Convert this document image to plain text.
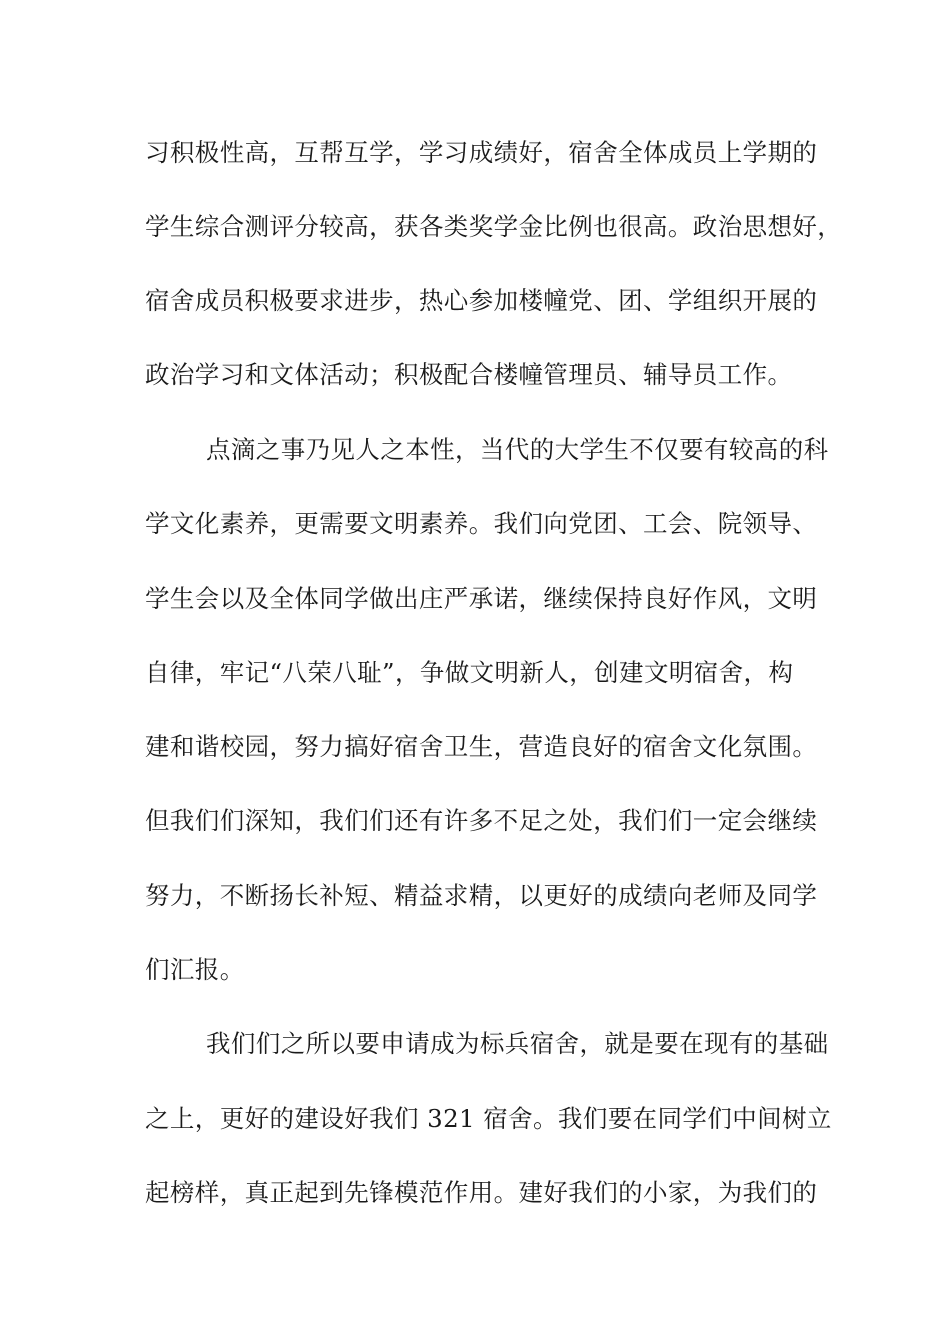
习积极性高，互帮互学，学习成绩好，宿舍全体成员上学期的
学生综合测评分较高，获各类奖学金比例也很高。政治思想好，
宿舍成员积极要求进步，热心参加楼幢党、团、学组织开展的
政治学习和文体活动；积极配合楼幢管理员、辅导员工作。
点滴之事乃见人之本性，当代的大学生不仅要有较高的科
学文化素养，更需要文明素养。我们向党团、工会、院领导、
学生会以及全体同学做出庄严承诺，继续保持良好作风，文明
自律，牢记“八荣八耻”，争做文明新人，创建文明宿舍，构
建和谐校园，努力搞好宿舍卫生，营造良好的宿舍文化氛围。
但我们们深知，我们们还有许多不足之处，我们们一定会继续
努力，不断扬长补短、精益求精，以更好的成绩向老师及同学
们汇报。
我们们之所以要申请成为标兵宿舍，就是要在现有的基础
之上，更好的建设好我们 321 宿舍。我们要在同学们中间树立
起榜样，真正起到先锋模范作用。建好我们的小家，为我们的
